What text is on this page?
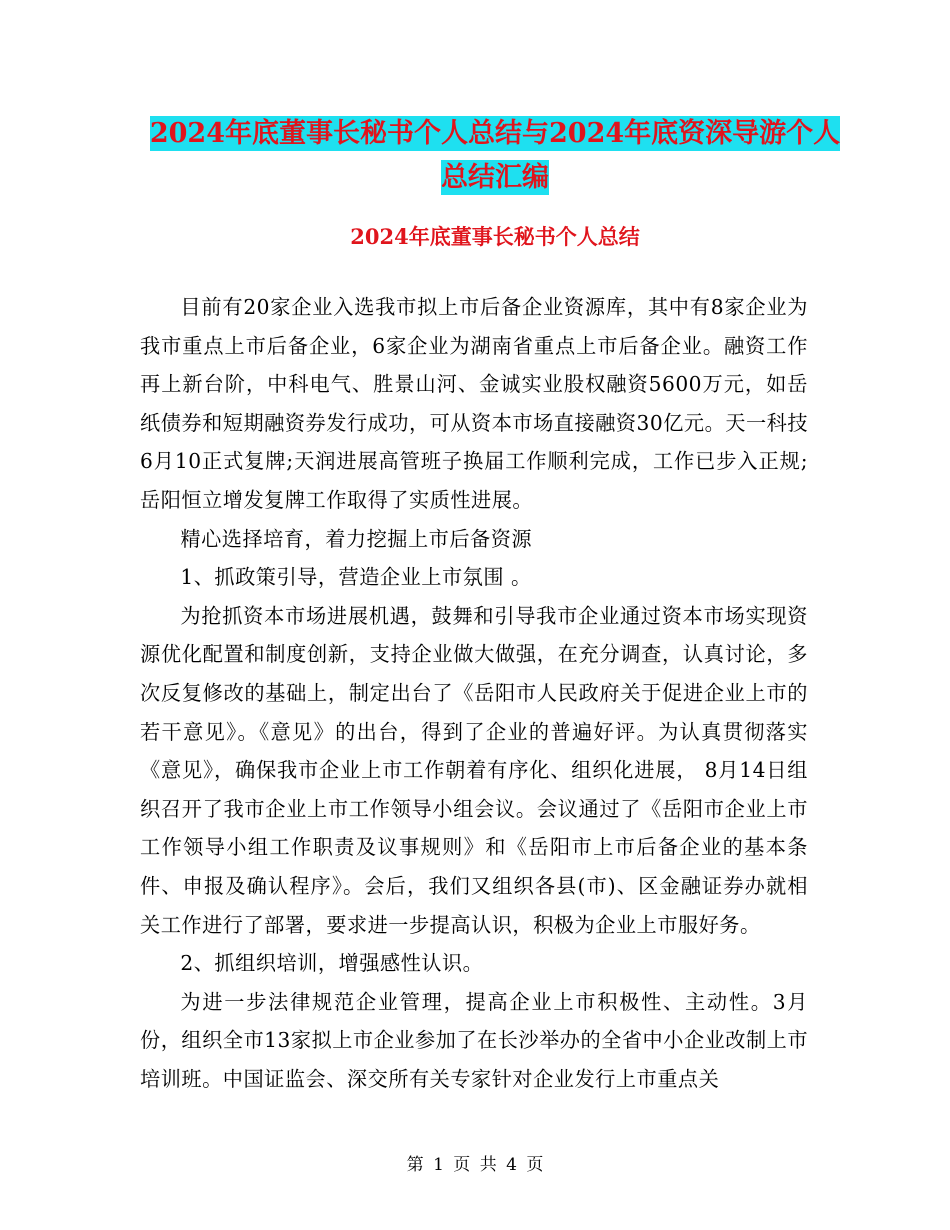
2024年底董事长秘书个人总结与2024年底资深导游个人总结汇编
2024年底董事长秘书个人总结

目前有20家企业入选我市拟上市后备企业资源库，其中有8家企业为我市重点上市后备企业，6家企业为湖南省重点上市后备企业。融资工作再上新台阶，中科电气、胜景山河、金诚实业股权融资5600万元，如岳纸债券和短期融资券发行成功，可从资本市场直接融资30亿元。天一科技6月10正式复牌;天润进展高管班子换届工作顺利完成，工作已步入正规;岳阳恒立增发复牌工作取得了实质性进展。

精心选择培育，着力挖掘上市后备资源

1、抓政策引导，营造企业上市氛围 。

为抢抓资本市场进展机遇，鼓舞和引导我市企业通过资本市场实现资源优化配置和制度创新，支持企业做大做强，在充分调查，认真讨论，多次反复修改的基础上，制定出台了《岳阳市人民政府关于促进企业上市的若干意见》。《意见》的出台，得到了企业的普遍好评。为认真贯彻落实《意见》，确保我市企业上市工作朝着有序化、组织化进展， 8月14日组织召开了我市企业上市工作领导小组会议。会议通过了《岳阳市企业上市工作领导小组工作职责及议事规则》和《岳阳市上市后备企业的基本条件、申报及确认程序》。会后，我们又组织各县(市)、区金融证券办就相关工作进行了部署，要求进一步提高认识，积极为企业上市服好务。

2、抓组织培训，增强感性认识。

为进一步法律规范企业管理，提高企业上市积极性、主动性。3月份，组织全市13家拟上市企业参加了在长沙举办的全省中小企业改制上市培训班。中国证监会、深交所有关专家针对企业发行上市重点关

第 1 页 共 4 页
